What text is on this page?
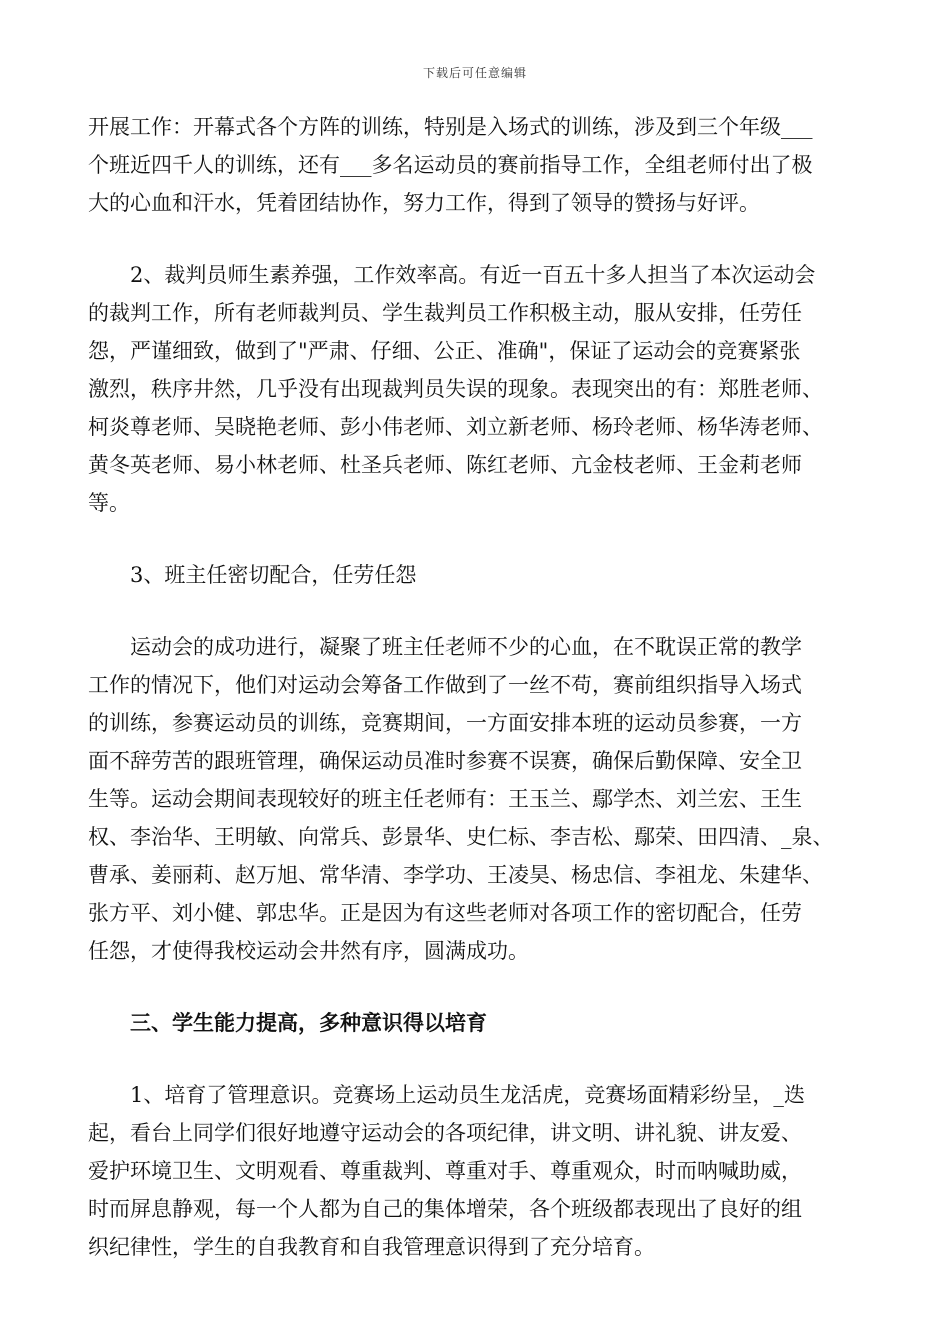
下载后可任意编辑
开展工作：开幕式各个方阵的训练，特别是入场式的训练，涉及到三个年级___
个班近四千人的训练，还有___多名运动员的赛前指导工作，全组老师付出了极
大的心血和汗水，凭着团结协作，努力工作，得到了领导的赞扬与好评。
2、裁判员师生素养强，工作效率高。有近一百五十多人担当了本次运动会
的裁判工作，所有老师裁判员、学生裁判员工作积极主动，服从安排，任劳任
怨，严谨细致，做到了"严肃、仔细、公正、准确"，保证了运动会的竞赛紧张
激烈，秩序井然，几乎没有出现裁判员失误的现象。表现突出的有：郑胜老师、
柯炎尊老师、吴晓艳老师、彭小伟老师、刘立新老师、杨玲老师、杨华涛老师、
黄冬英老师、易小林老师、杜圣兵老师、陈红老师、亢金枝老师、王金莉老师
等。
3、班主任密切配合，任劳任怨
运动会的成功进行，凝聚了班主任老师不少的心血，在不耽误正常的教学
工作的情况下，他们对运动会筹备工作做到了一丝不苟，赛前组织指导入场式
的训练，参赛运动员的训练，竞赛期间，一方面安排本班的运动员参赛，一方
面不辞劳苦的跟班管理，确保运动员准时参赛不误赛，确保后勤保障、安全卫
生等。运动会期间表现较好的班主任老师有：王玉兰、鄢学杰、刘兰宏、王生
权、李治华、王明敏、向常兵、彭景华、史仁标、李吉松、鄢荣、田四清、_泉、
曹承、姜丽莉、赵万旭、常华清、李学功、王凌昊、杨忠信、李祖龙、朱建华、
张方平、刘小健、郭忠华。正是因为有这些老师对各项工作的密切配合，任劳
任怨，才使得我校运动会井然有序，圆满成功。
三、学生能力提高，多种意识得以培育
1、培育了管理意识。竞赛场上运动员生龙活虎，竞赛场面精彩纷呈，_迭
起，看台上同学们很好地遵守运动会的各项纪律，讲文明、讲礼貌、讲友爱、
爱护环境卫生、文明观看、尊重裁判、尊重对手、尊重观众，时而呐喊助威，
时而屏息静观，每一个人都为自己的集体增荣，各个班级都表现出了良好的组
织纪律性，学生的自我教育和自我管理意识得到了充分培育。
